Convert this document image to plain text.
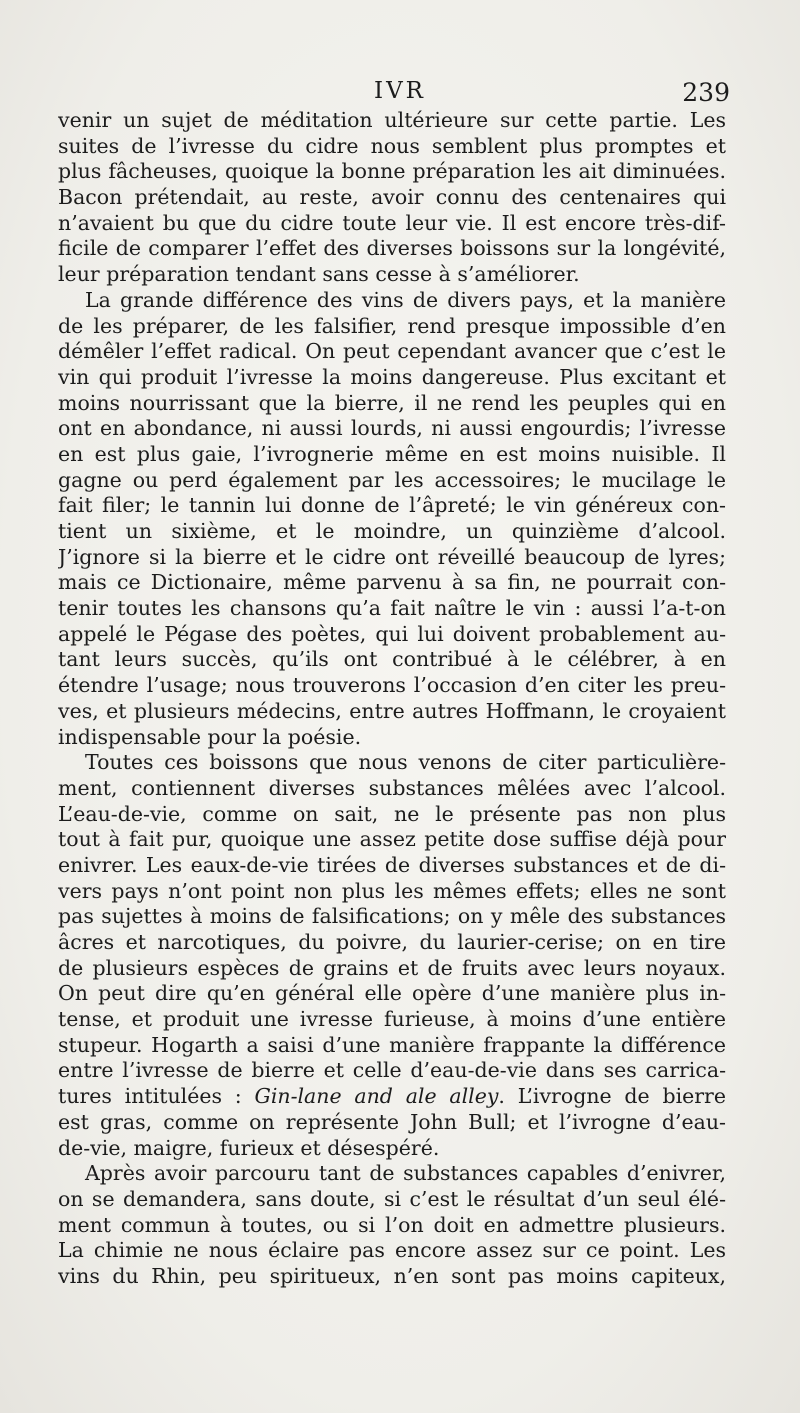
IVR	239
venir un sujet de méditation ultérieure sur cette partie. Les
suites de l’ivresse du cidre nous semblent plus promptes et
plus fâcheuses, quoique la bonne préparation les ait diminuées.
Bacon prétendait, au reste, avoir connu des centenaires qui
n’avaient bu que du cidre toute leur vie. Il est encore très-dif-
ficile de comparer l’effet des diverses boissons sur la longévité,
leur préparation tendant sans cesse à s’améliorer.
La grande différence des vins de divers pays, et la manière
de les préparer, de les falsifier, rend presque impossible d’en
démêler l’effet radical. On peut cependant avancer que c’est le
vin qui produit l’ivresse la moins dangereuse. Plus excitant et
moins nourrissant que la bierre, il ne rend les peuples qui en
ont en abondance, ni aussi lourds, ni aussi engourdis; l’ivresse
en est plus gaie, l’ivrognerie même en est moins nuisible. Il
gagne ou perd également par les accessoires; le mucilage le
fait filer; le tannin lui donne de l’âpreté; le vin généreux con-
tient un sixième, et le moindre, un quinzième d’alcool.
J’ignore si la bierre et le cidre ont réveillé beaucoup de lyres;
mais ce Dictionaire, même parvenu à sa fin, ne pourrait con-
tenir toutes les chansons qu’a fait naître le vin : aussi l’a-t-on
appelé le Pégase des poètes, qui lui doivent probablement au-
tant leurs succès, qu’ils ont contribué à le célébrer, à en
étendre l’usage; nous trouverons l’occasion d’en citer les preu-
ves, et plusieurs médecins, entre autres Hoffmann, le croyaient
indispensable pour la poésie.
Toutes ces boissons que nous venons de citer particulière-
ment, contiennent diverses substances mêlées avec l’alcool.
L’eau-de-vie, comme on sait, ne le présente pas non plus
tout à fait pur, quoique une assez petite dose suffise déjà pour
enivrer. Les eaux-de-vie tirées de diverses substances et de di-
vers pays n’ont point non plus les mêmes effets; elles ne sont
pas sujettes à moins de falsifications; on y mêle des substances
âcres et narcotiques, du poivre, du laurier-cerise; on en tire
de plusieurs espèces de grains et de fruits avec leurs noyaux.
On peut dire qu’en général elle opère d’une manière plus in-
tense, et produit une ivresse furieuse, à moins d’une entière
stupeur. Hogarth a saisi d’une manière frappante la différence
entre l’ivresse de bierre et celle d’eau-de-vie dans ses carrica-
tures intitulées : Gin-lane and ale alley. L’ivrogne de bierre
est gras, comme on représente John Bull; et l’ivrogne d’eau-
de-vie, maigre, furieux et désespéré.
Après avoir parcouru tant de substances capables d’enivrer,
on se demandera, sans doute, si c’est le résultat d’un seul élé-
ment commun à toutes, ou si l’on doit en admettre plusieurs.
La chimie ne nous éclaire pas encore assez sur ce point. Les
vins du Rhin, peu spiritueux, n’en sont pas moins capiteux,
